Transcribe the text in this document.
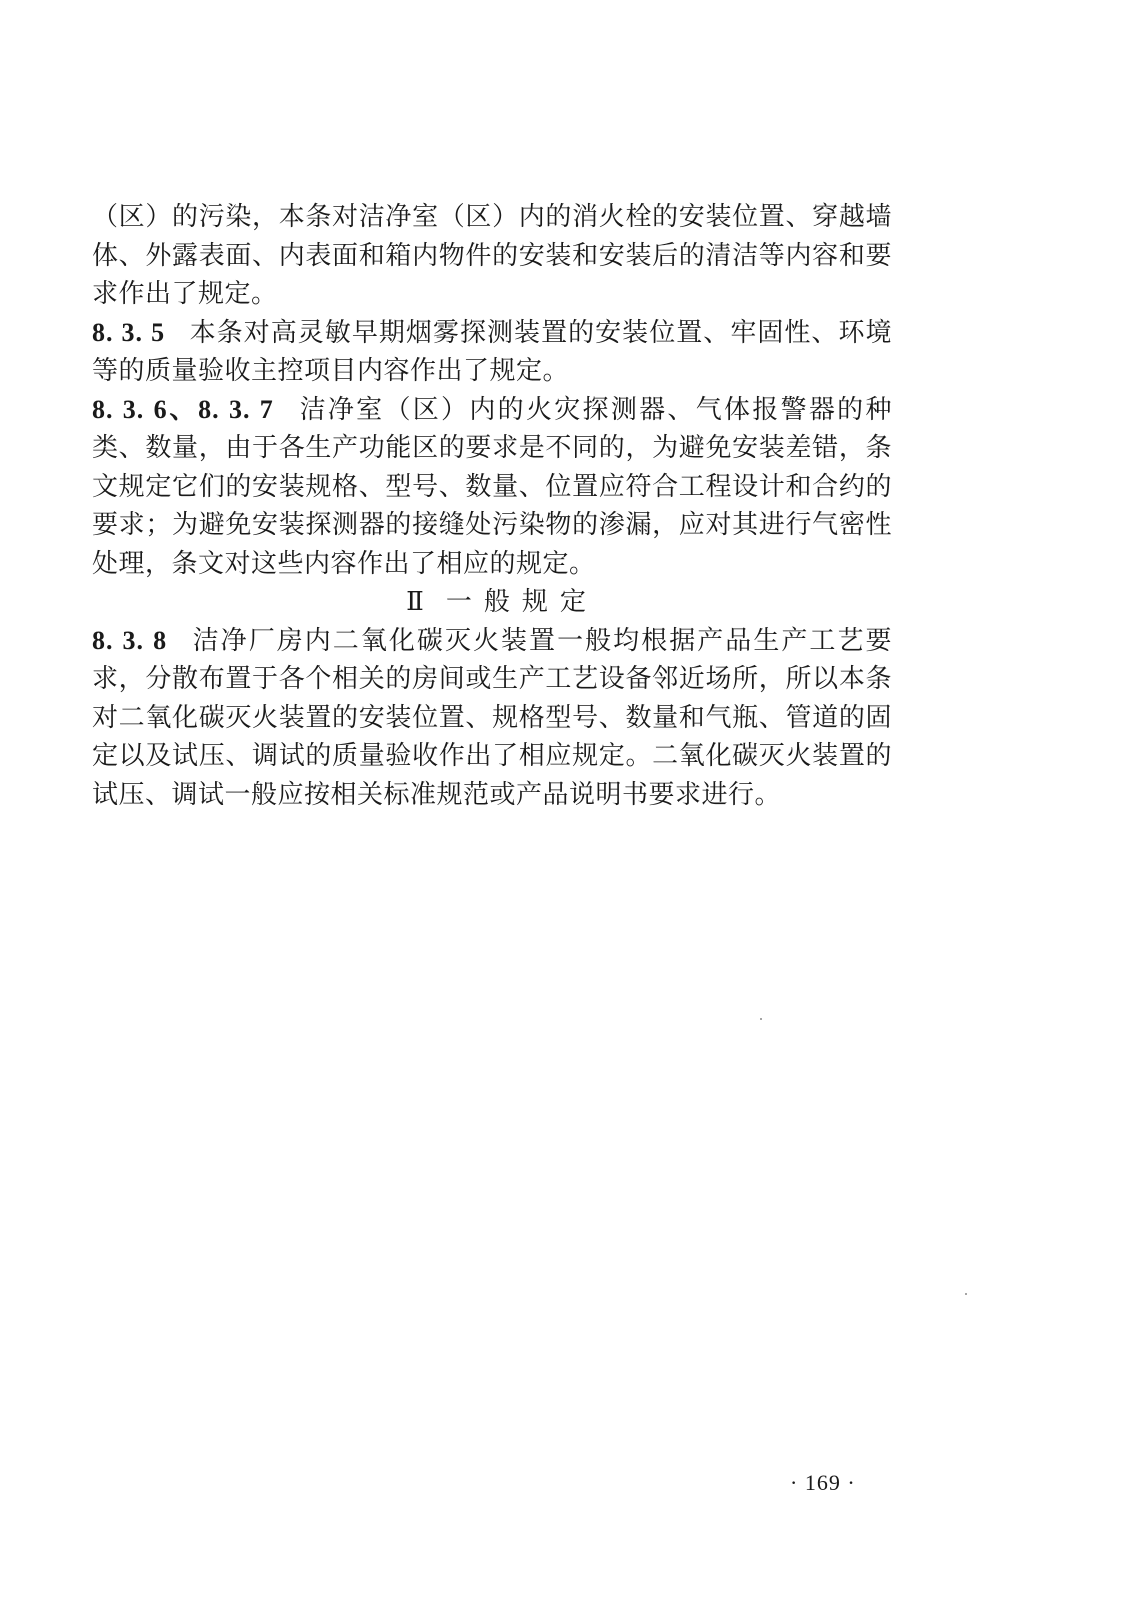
（区）的污染，本条对洁净室（区）内的消火栓的安装位置、穿越墙体、外露表面、内表面和箱内物件的安装和安装后的清洁等内容和要求作出了规定。

8. 3. 5 本条对高灵敏早期烟雾探测装置的安装位置、牢固性、环境等的质量验收主控项目内容作出了规定。

8. 3. 6、8. 3. 7 洁净室（区）内的火灾探测器、气体报警器的种类、数量，由于各生产功能区的要求是不同的，为避免安装差错，条文规定它们的安装规格、型号、数量、位置应符合工程设计和合约的要求；为避免安装探测器的接缝处污染物的渗漏，应对其进行气密性处理，条文对这些内容作出了相应的规定。

Ⅱ 一般规定

8. 3. 8 洁净厂房内二氧化碳灭火装置一般均根据产品生产工艺要求，分散布置于各个相关的房间或生产工艺设备邻近场所，所以本条对二氧化碳灭火装置的安装位置、规格型号、数量和气瓶、管道的固定以及试压、调试的质量验收作出了相应规定。二氧化碳灭火装置的试压、调试一般应按相关标准规范或产品说明书要求进行。

· 169 ·
